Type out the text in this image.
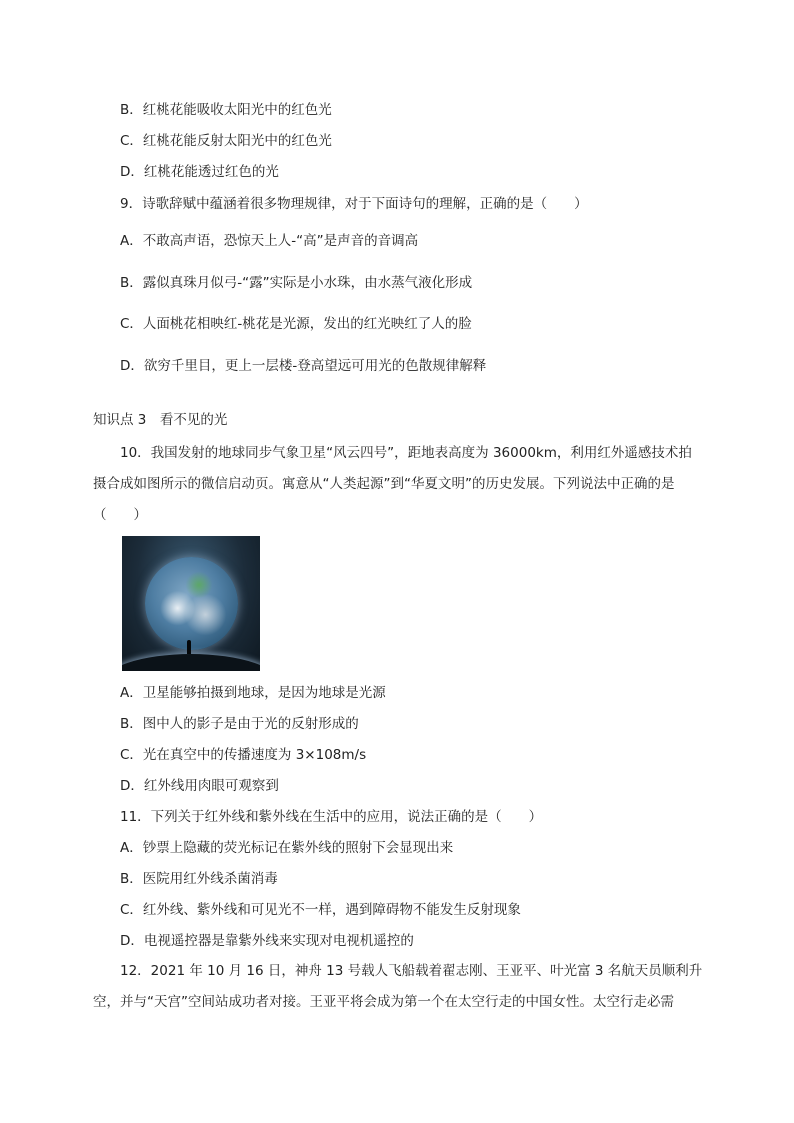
B．红桃花能吸收太阳光中的红色光
C．红桃花能反射太阳光中的红色光
D．红桃花能透过红色的光
9．诗歌辞赋中蕴涵着很多物理规律，对于下面诗句的理解，正确的是（　　）
A．不敢高声语，恐惊天上人-“高”是声音的音调高
B．露似真珠月似弓-“露”实际是小水珠，由水蒸气液化形成
C．人面桃花相映红-桃花是光源，发出的红光映红了人的脸
D．欲穷千里目，更上一层楼-登高望远可用光的色散规律解释
知识点 3　看不见的光
10．我国发射的地球同步气象卫星“风云四号”，距地表高度为 36000km，利用红外遥感技术拍摄合成如图所示的微信启动页。寓意从“人类起源”到“华夏文明”的历史发展。下列说法中正确的是（　　）
A．卫星能够拍摄到地球，是因为地球是光源
B．图中人的影子是由于光的反射形成的
C．光在真空中的传播速度为 3×108m/s
D．红外线用肉眼可观察到
11．下列关于红外线和紫外线在生活中的应用，说法正确的是（　　）
A．钞票上隐藏的荧光标记在紫外线的照射下会显现出来
B．医院用红外线杀菌消毒
C．红外线、紫外线和可见光不一样，遇到障碍物不能发生反射现象
D．电视遥控器是靠紫外线来实现对电视机遥控的
12．2021 年 10 月 16 日，神舟 13 号载人飞船载着翟志刚、王亚平、叶光富 3 名航天员顺利升空，并与“天宫”空间站成功者对接。王亚平将会成为第一个在太空行走的中国女性。太空行走必需
